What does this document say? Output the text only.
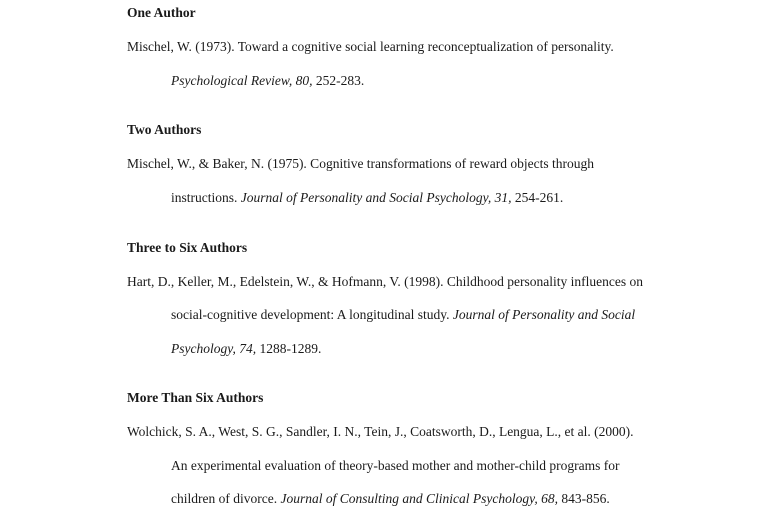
One Author
Mischel, W. (1973). Toward a cognitive social learning reconceptualization of personality.
Psychological Review, 80, 252-283.
Two Authors
Mischel, W., & Baker, N. (1975). Cognitive transformations of reward objects through
instructions. Journal of Personality and Social Psychology, 31, 254-261.
Three to Six Authors
Hart, D., Keller, M., Edelstein, W., & Hofmann, V. (1998). Childhood personality influences on
social-cognitive development: A longitudinal study. Journal of Personality and Social
Psychology, 74, 1288-1289.
More Than Six Authors
Wolchick, S. A., West, S. G., Sandler, I. N., Tein, J., Coatsworth, D., Lengua, L., et al. (2000).
An experimental evaluation of theory-based mother and mother-child programs for
children of divorce. Journal of Consulting and Clinical Psychology, 68, 843-856.
